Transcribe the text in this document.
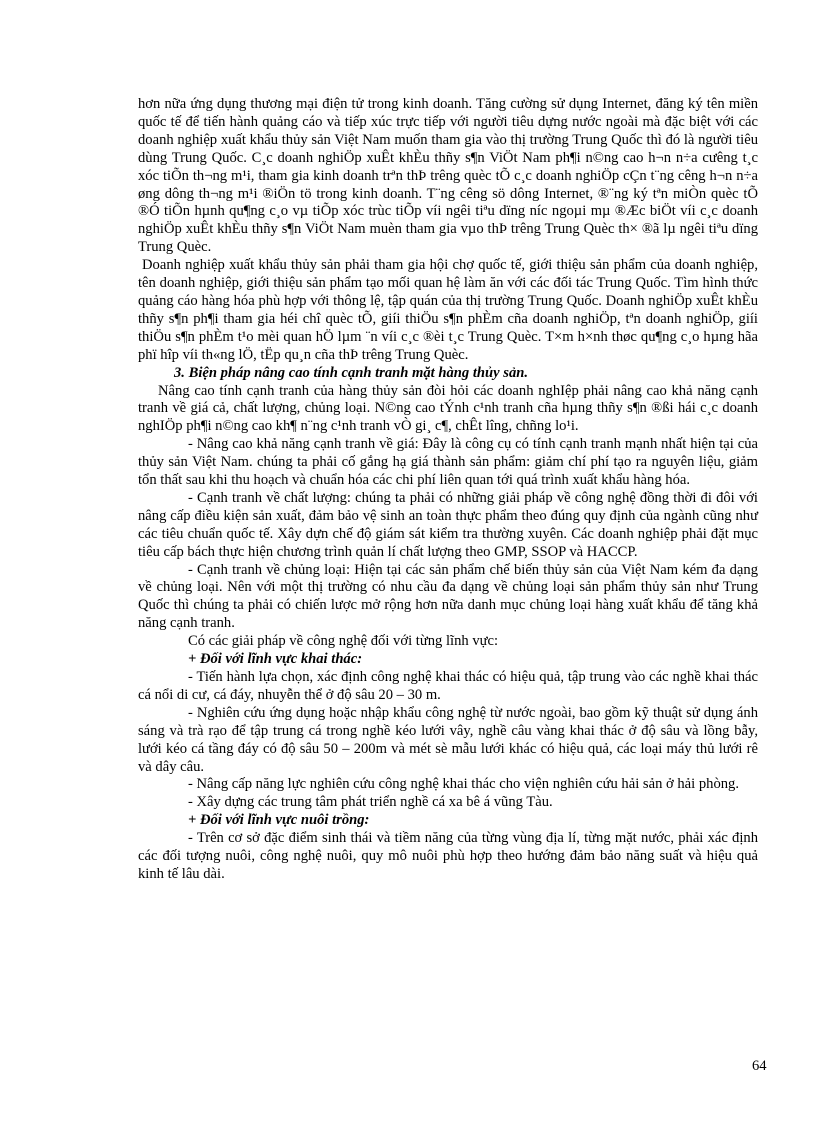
hơn nữa ứng dụng thương mại điện tử trong kinh doanh. Tăng cường sử dụng Internet, đăng ký tên miền quốc tế để tiến hành quảng cáo và tiếp xúc trực tiếp với người tiêu dựng nước ngoài mà đặc biệt với các doanh nghiệp xuất khẩu thủy sản Việt Nam muốn tham gia vào thị trường Trung Quốc thì đó là người tiêu dùng Trung Quốc. C¸c doanh nghiÖp xuÊt khÈu thñy s¶n ViÖt Nam ph¶i n©ng cao h¬n n÷a cưêng t¸c xóc tiÕn th¬ng m¹i, tham gia kinh doanh trªn thÞ trêng quèc tÕ c¸c doanh nghiÖp cÇn t¨ng cêng h¬n n÷a øng dông th¬ng m¹i ®iÖn tö trong kinh doanh. T¨ng cêng sö dông Internet, ®¨ng ký tªn miÒn quèc tÕ ®Ó tiÕn hµnh qu¶ng c¸o vµ tiÕp xóc trùc tiÕp víi ngêi tiªu dïng níc ngoµi mµ ®Æc biÖt víi c¸c doanh nghiÖp xuÊt khÈu thñy s¶n ViÖt Nam muèn tham gia vµo thÞ trêng Trung Quèc th× ®ã lµ ngêi tiªu dïng Trung Quèc.

Doanh nghiệp xuất khẩu thủy sản phải tham gia hội chợ quốc tế, giới thiệu sản phẩm của doanh nghiệp, tên doanh nghiệp, giới thiệu sản phẩm tạo mối quan hệ làm ăn với các đối tác Trung Quốc. Tìm hình thức quảng cáo hàng hóa phù hợp với thông lệ, tập quán của thị trường Trung Quốc. Doanh nghiÖp xuÊt khÈu thñy s¶n ph¶i tham gia héi chî quèc tÕ, giíi thiÖu s¶n phÈm cña doanh nghiÖp, tªn doanh nghiÖp, giíi thiÖu s¶n phÈm t¹o mèi quan hÖ lµm ¨n víi c¸c ®èi t¸c Trung Quèc. T×m h×nh thøc qu¶ng c¸o hµng hãa phï hîp víi th«ng lÖ, tËp qu¸n cña thÞ trêng Trung Quèc.

3. Biện pháp nâng cao tính cạnh tranh mặt hàng thủy sản.

Nâng cao tính cạnh tranh của hàng thủy sản đòi hỏi các doanh nghIệp phải nâng cao khả năng cạnh tranh về giá cả, chất lượng, chủng loại. N©ng cao tÝnh c¹nh tranh cña hµng thñy s¶n ®ßi hái c¸c doanh nghIÖp ph¶i n©ng cao kh¶ n¨ng c¹nh tranh vÒ gi¸ c¶, chÊt lîng, chñng lo¹i.

- Nâng cao khả năng cạnh tranh về giá: Đây là công cụ có tính cạnh tranh mạnh nhất hiện tại của thủy sản Việt Nam. chúng ta phải cố gắng hạ giá thành sản phẩm: giảm chí phí tạo ra nguyên liệu, giảm tổn thất sau khi thu hoạch và chuẩn hóa các chi phí liên quan tới quá trình xuất khẩu hàng hóa.

- Cạnh tranh về chất lượng: chúng ta phải có những giải pháp về công nghệ đồng thời đi đôi với nâng cấp điều kiện sản xuất, đảm bảo vệ sinh an toàn thực phẩm theo đúng quy định của ngành cũng như các tiêu chuẩn quốc tế. Xây dựn chế độ giám sát kiểm tra thường xuyên. Các doanh nghiệp phải đặt mục tiêu cấp bách thực hiện chương trình quản lí chất lượng theo GMP, SSOP và HACCP.

- Cạnh tranh về chủng loại: Hiện tại các sản phẩm chế biến thủy sản của Việt Nam kém đa dạng về chủng loại. Nên với một thị trường có nhu cầu đa dạng về chủng loại sản phẩm thủy sản như Trung Quốc thì chúng ta phải có chiến lược mở rộng hơn nữa danh mục chủng loại hàng xuất khẩu để tăng khả năng cạnh tranh.

Có các giải pháp về công nghệ đối với từng lĩnh vực:

+ Đối với lĩnh vực khai thác:

- Tiến hành lựa chọn, xác định công nghệ khai thác có hiệu quả, tập trung vào các nghề khai thác cá nổi di cư, cá đáy, nhuyễn thể ở độ sâu 20 – 30 m.

- Nghiên cứu ứng dụng hoặc nhập khẩu công nghệ từ nước ngoài, bao gồm kỹ thuật sử dụng ánh sáng và trà rạo để tập trung cá trong nghề kéo lưới vây, nghề câu vàng khai thác ở độ sâu và lồng bẫy, lưới kéo cá tầng đáy có độ sâu 50 – 200m và mét sè mẫu lưới khác có hiệu quả, các loại máy thủ lưới rê và dây câu.

- Nâng cấp năng lực nghiên cứu công nghệ khai thác cho viện nghiên cứu hải sản ở hải phòng.

- Xây dựng các trung tâm phát triển nghề cá xa bê á vũng Tàu.

+ Đối với lĩnh vực nuôi trồng:

- Trên cơ sở đặc điểm sinh thái và tiềm năng của từng vùng địa lí, từng mặt nước, phải xác định các đối tượng nuôi, công nghệ nuôi, quy mô nuôi phù hợp theo hướng đảm bảo năng suất và hiệu quả kinh tế lâu dài.

64
